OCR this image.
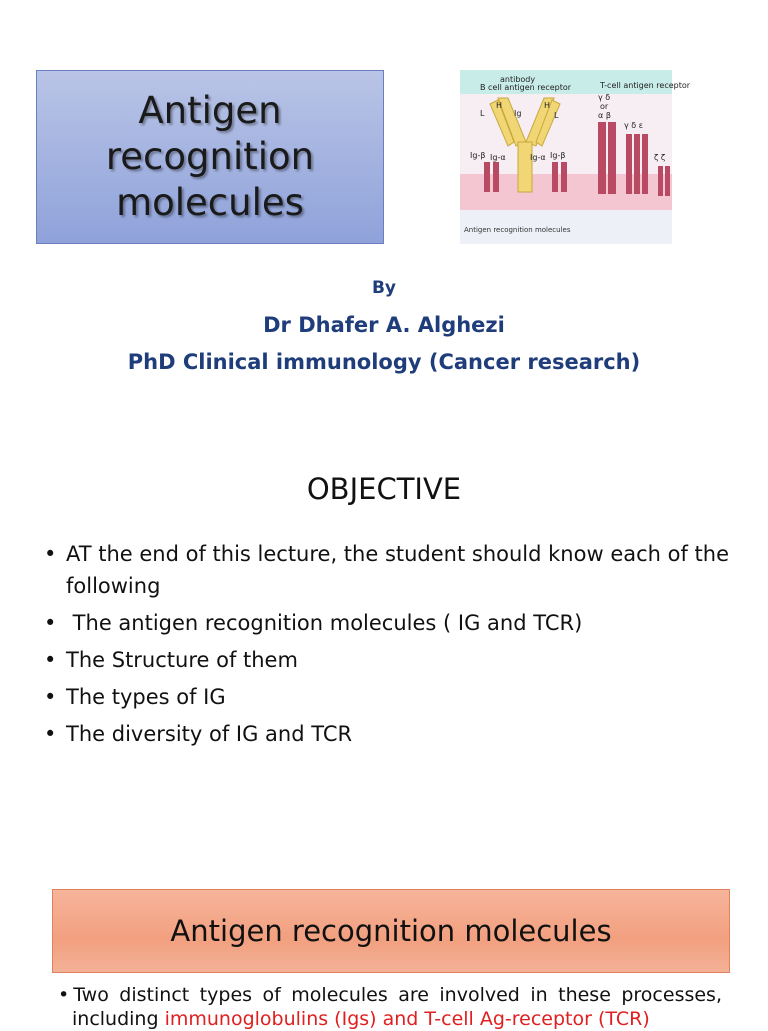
Antigen
recognition
molecules
antibody
B cell antigen receptor	T-cell antigen receptor
H	H
L	L
Ig
Ig-β Ig-α	Ig-α Ig-β
γ δ
or
α β
γ δ ε
ζ ζ
Antigen recognition molecules
By
Dr Dhafer A. Alghezi
PhD Clinical immunology (Cancer research)
OBJECTIVE
• AT the end of this lecture, the student should know each of the following
• The antigen recognition molecules ( IG and TCR)
• The Structure of them
• The types of IG
• The diversity of IG and TCR
Antigen recognition molecules
• Two distinct types of molecules are involved in these processes,
including immunoglobulins (Igs) and T-cell Ag-receptor (TCR)
